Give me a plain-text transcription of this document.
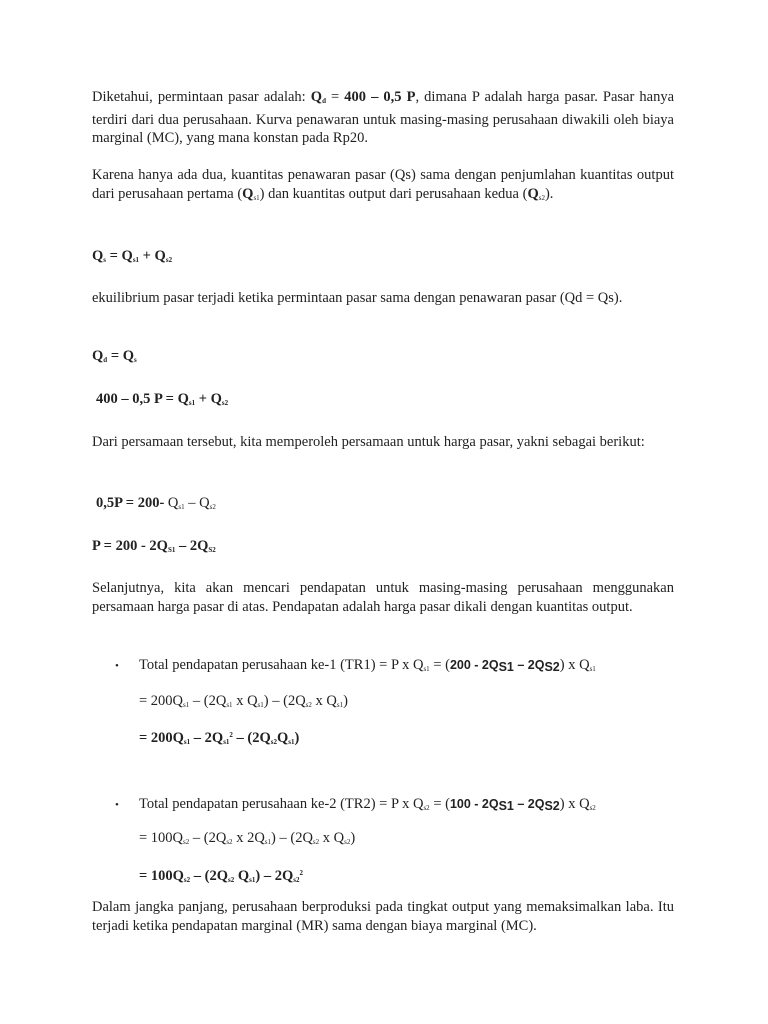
Diketahui, permintaan pasar adalah: Qd = 400 – 0,5 P, dimana P adalah harga pasar. Pasar hanya terdiri dari dua perusahaan. Kurva penawaran untuk masing-masing perusahaan diwakili oleh biaya marginal (MC), yang mana konstan pada Rp20.

Karena hanya ada dua, kuantitas penawaran pasar (Qs) sama dengan penjumlahan kuantitas output dari perusahaan pertama (Qs1) dan kuantitas output dari perusahaan kedua (Qs2).

Qs = Qs1 + Qs2

ekuilibrium pasar terjadi ketika permintaan pasar sama dengan penawaran pasar (Qd = Qs).

Qd = Qs

400 – 0,5 P = Qs1 + Qs2

Dari persamaan tersebut, kita memperoleh persamaan untuk harga pasar, yakni sebagai berikut:

0,5P = 200- Qs1 – Qs2

P = 200 - 2QS1 – 2QS2

Selanjutnya, kita akan mencari pendapatan untuk masing-masing perusahaan menggunakan persamaan harga pasar di atas. Pendapatan adalah harga pasar dikali dengan kuantitas output.

• Total pendapatan perusahaan ke-1 (TR1) = P x Qs1 = (200 - 2QS1 – 2QS2) x Qs1

= 200Qs1 – (2Qs1 x Qs1) – (2Qs2 x Qs1)

= $200Qs1 - 2Qs1^2 - (2Qs2Qs1)$

• Total pendapatan perusahaan ke-2 (TR2) = P x Qs2 = (100 - 2QS1 – 2QS2) x Qs2

= 100Qs2 – (2Qs2 x 2Qs1) – (2Qs2 x Qs2)

= 100Qs2 – (2Qs2 $Qs1) - 2Qs2^2$

Dalam jangka panjang, perusahaan berproduksi pada tingkat output yang memaksimalkan laba. Itu terjadi ketika pendapatan marginal (MR) sama dengan biaya marginal (MC).
